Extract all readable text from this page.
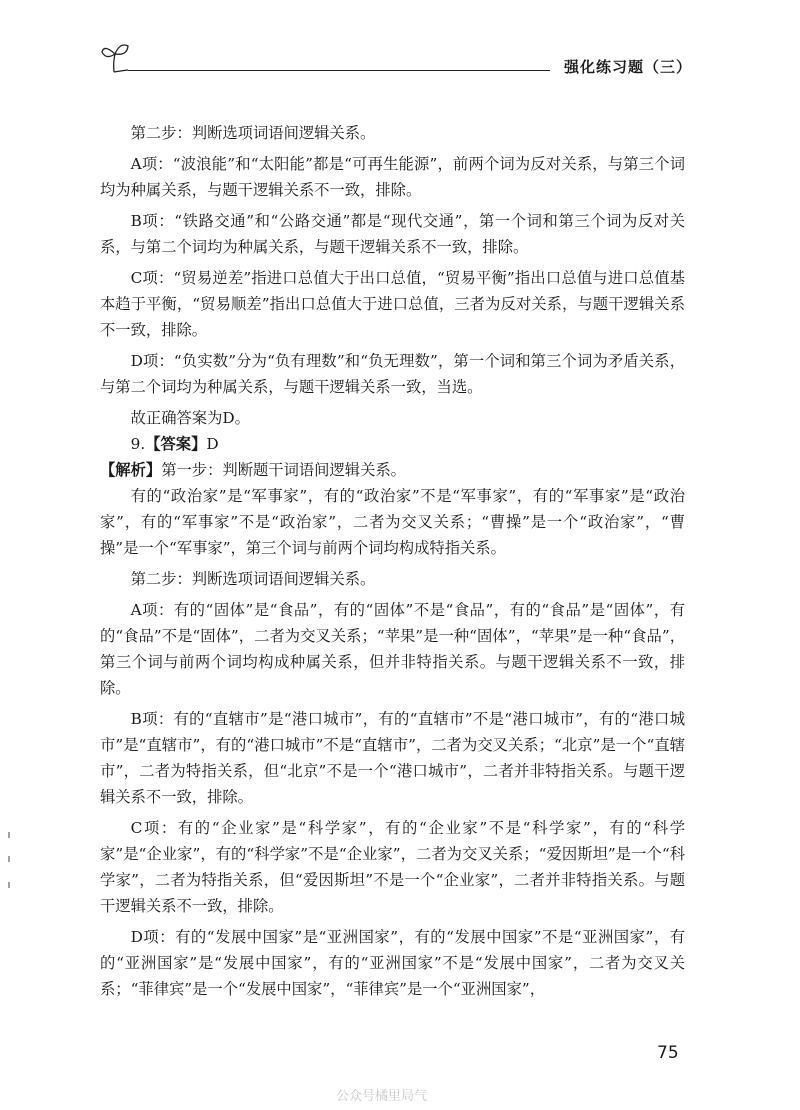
强化练习题（三）

第二步：判断选项词语间逻辑关系。

A项：“波浪能”和“太阳能”都是“可再生能源”，前两个词为反对关系，与第三个词均为种属关系，与题干逻辑关系不一致，排除。

B项：“铁路交通”和“公路交通”都是“现代交通”，第一个词和第三个词为反对关系，与第二个词均为种属关系，与题干逻辑关系不一致，排除。

C项：“贸易逆差”指进口总值大于出口总值，“贸易平衡”指出口总值与进口总值基本趋于平衡，“贸易顺差”指出口总值大于进口总值，三者为反对关系，与题干逻辑关系不一致，排除。

D项：“负实数”分为“负有理数”和“负无理数”，第一个词和第三个词为矛盾关系，与第二个词均为种属关系，与题干逻辑关系一致，当选。

故正确答案为D。

9.【答案】D

【解析】第一步：判断题干词语间逻辑关系。

有的“政治家”是“军事家”，有的“政治家”不是“军事家”，有的“军事家”是“政治家”，有的“军事家”不是“政治家”，二者为交叉关系；“曹操”是一个“政治家”，“曹操”是一个“军事家”，第三个词与前两个词均构成特指关系。

第二步：判断选项词语间逻辑关系。

A项：有的“固体”是“食品”，有的“固体”不是“食品”，有的“食品”是“固体”，有的“食品”不是“固体”，二者为交叉关系；“苹果”是一种“固体”，“苹果”是一种“食品”，第三个词与前两个词均构成种属关系，但并非特指关系。与题干逻辑关系不一致，排除。

B项：有的“直辖市”是“港口城市”，有的“直辖市”不是“港口城市”，有的“港口城市”是“直辖市”，有的“港口城市”不是“直辖市”，二者为交叉关系；“北京”是一个“直辖市”，二者为特指关系，但“北京”不是一个“港口城市”，二者并非特指关系。与题干逻辑关系不一致，排除。

C项：有的“企业家”是“科学家”，有的“企业家”不是“科学家”，有的“科学家”是“企业家”，有的“科学家”不是“企业家”，二者为交叉关系；“爱因斯坦”是一个“科学家”，二者为特指关系，但“爱因斯坦”不是一个“企业家”，二者并非特指关系。与题干逻辑关系不一致，排除。

D项：有的“发展中国家”是“亚洲国家”，有的“发展中国家”不是“亚洲国家”，有的“亚洲国家”是“发展中国家”，有的“亚洲国家”不是“发展中国家”，二者为交叉关系；“菲律宾”是一个“发展中国家”，“菲律宾”是一个“亚洲国家”，

75
公众号橘里局气
